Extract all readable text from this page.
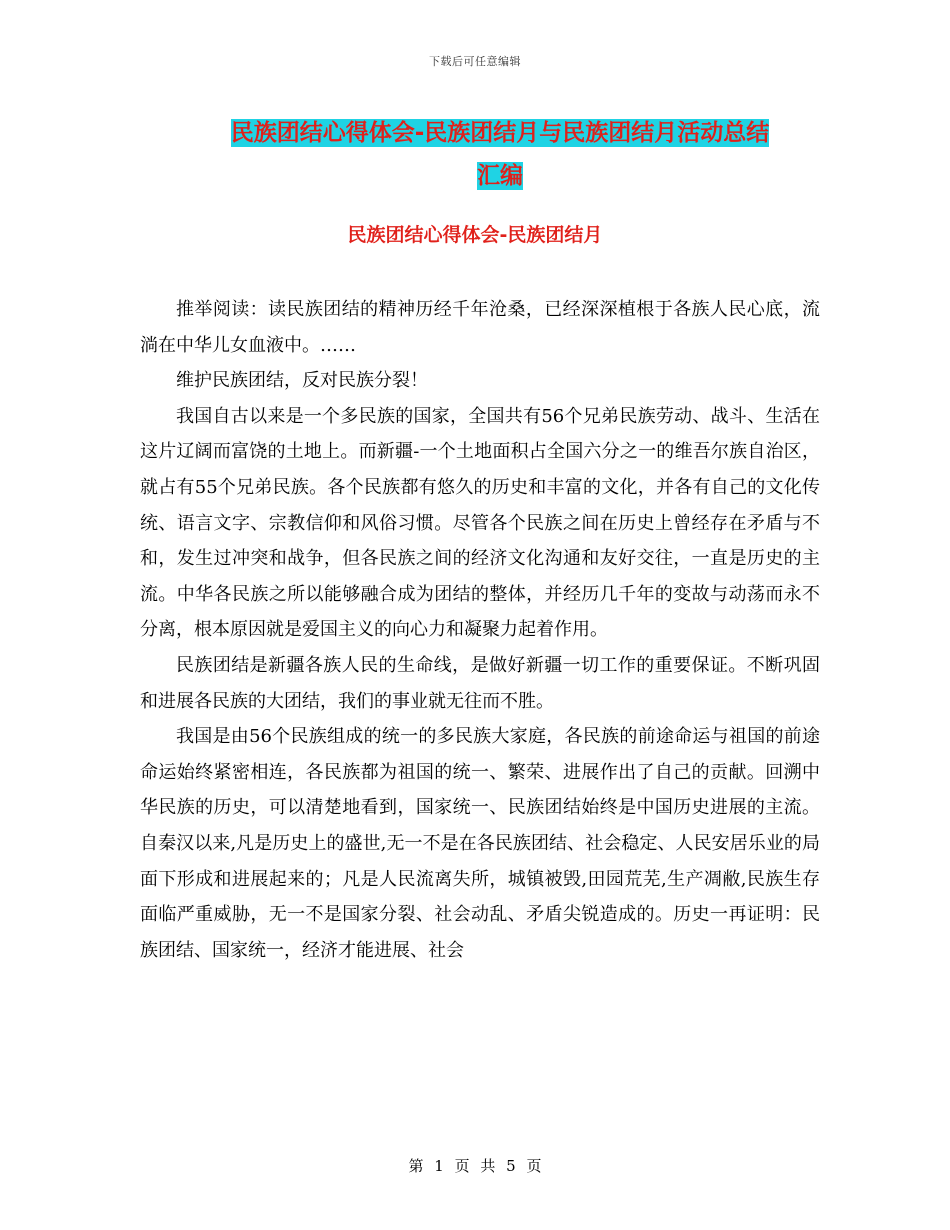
下载后可任意编辑
民族团结心得体会-民族团结月与民族团结月活动总结
汇编
民族团结心得体会-民族团结月

推举阅读：读民族团结的精神历经千年沧桑，已经深深植根于各族人民心底，流淌在中华儿女血液中。……

维护民族团结，反对民族分裂！

我国自古以来是一个多民族的国家，全国共有56个兄弟民族劳动、战斗、生活在这片辽阔而富饶的土地上。而新疆-一个土地面积占全国六分之一的维吾尔族自治区，就占有55个兄弟民族。各个民族都有悠久的历史和丰富的文化，并各有自己的文化传统、语言文字、宗教信仰和风俗习惯。尽管各个民族之间在历史上曾经存在矛盾与不和，发生过冲突和战争，但各民族之间的经济文化沟通和友好交往，一直是历史的主流。中华各民族之所以能够融合成为团结的整体，并经历几千年的变故与动荡而永不分离，根本原因就是爱国主义的向心力和凝聚力起着作用。

民族团结是新疆各族人民的生命线，是做好新疆一切工作的重要保证。不断巩固和进展各民族的大团结，我们的事业就无往而不胜。

我国是由56个民族组成的统一的多民族大家庭，各民族的前途命运与祖国的前途命运始终紧密相连，各民族都为祖国的统一、繁荣、进展作出了自己的贡献。回溯中华民族的历史，可以清楚地看到，国家统一、民族团结始终是中国历史进展的主流。自秦汉以来,凡是历史上的盛世,无一不是在各民族团结、社会稳定、人民安居乐业的局面下形成和进展起来的；凡是人民流离失所，城镇被毁,田园荒芜,生产凋敝,民族生存面临严重威胁，无一不是国家分裂、社会动乱、矛盾尖锐造成的。历史一再证明：民族团结、国家统一，经济才能进展、社会

第 1 页 共 5 页
